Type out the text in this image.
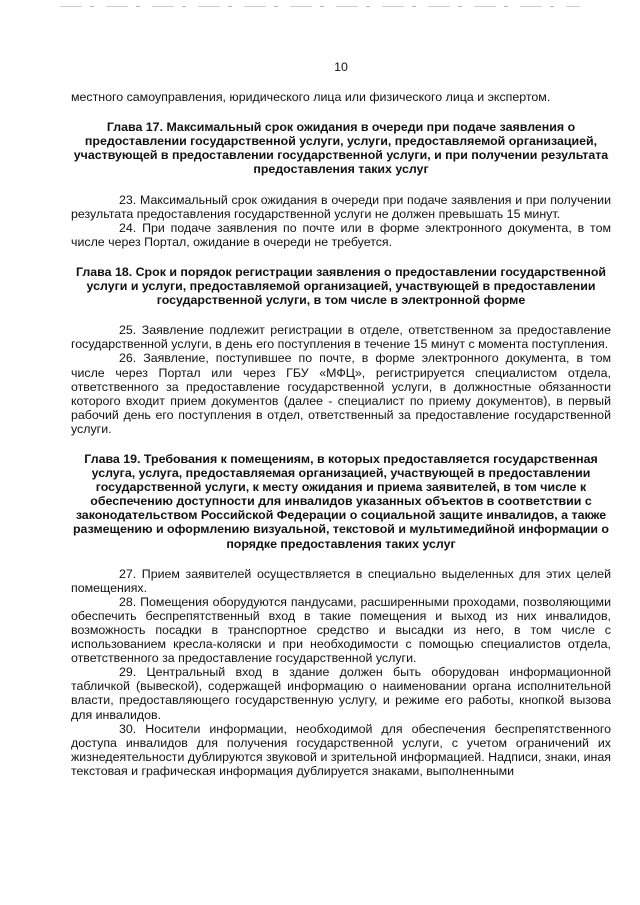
10

местного самоуправления, юридического лица или физического лица и экспертом.

Глава 17. Максимальный срок ожидания в очереди при подаче заявления о предоставлении государственной услуги, услуги, предоставляемой организацией, участвующей в предоставлении государственной услуги, и при получении результата предоставления таких услуг

23. Максимальный срок ожидания в очереди при подаче заявления и при получении результата предоставления государственной услуги не должен превышать 15 минут.

24. При подаче заявления по почте или в форме электронного документа, в том числе через Портал, ожидание в очереди не требуется.

Глава 18. Срок и порядок регистрации заявления о предоставлении государственной услуги и услуги, предоставляемой организацией, участвующей в предоставлении государственной услуги, в том числе в электронной форме

25. Заявление подлежит регистрации в отделе, ответственном за предоставление государственной услуги, в день его поступления в течение 15 минут с момента поступления.

26. Заявление, поступившее по почте, в форме электронного документа, в том числе через Портал или через ГБУ «МФЦ», регистрируется специалистом отдела, ответственного за предоставление государственной услуги, в должностные обязанности которого входит прием документов (далее - специалист по приему документов), в первый рабочий день его поступления в отдел, ответственный за предоставление государственной услуги.

Глава 19. Требования к помещениям, в которых предоставляется государственная услуга, услуга, предоставляемая организацией, участвующей в предоставлении государственной услуги, к месту ожидания и приема заявителей, в том числе к обеспечению доступности для инвалидов указанных объектов в соответствии с законодательством Российской Федерации о социальной защите инвалидов, а также размещению и оформлению визуальной, текстовой и мультимедийной информации о порядке предоставления таких услуг

27. Прием заявителей осуществляется в специально выделенных для этих целей помещениях.

28. Помещения оборудуются пандусами, расширенными проходами, позволяющими обеспечить беспрепятственный вход в такие помещения и выход из них инвалидов, возможность посадки в транспортное средство и высадки из него, в том числе с использованием кресла-коляски и при необходимости с помощью специалистов отдела, ответственного за предоставление государственной услуги.

29. Центральный вход в здание должен быть оборудован информационной табличкой (вывеской), содержащей информацию о наименовании органа исполнительной власти, предоставляющего государственную услугу, и режиме его работы, кнопкой вызова для инвалидов.

30. Носители информации, необходимой для обеспечения беспрепятственного доступа инвалидов для получения государственной услуги, с учетом ограничений их жизнедеятельности дублируются звуковой и зрительной информацией. Надписи, знаки, иная текстовая и графическая информация дублируется знаками, выполненными
